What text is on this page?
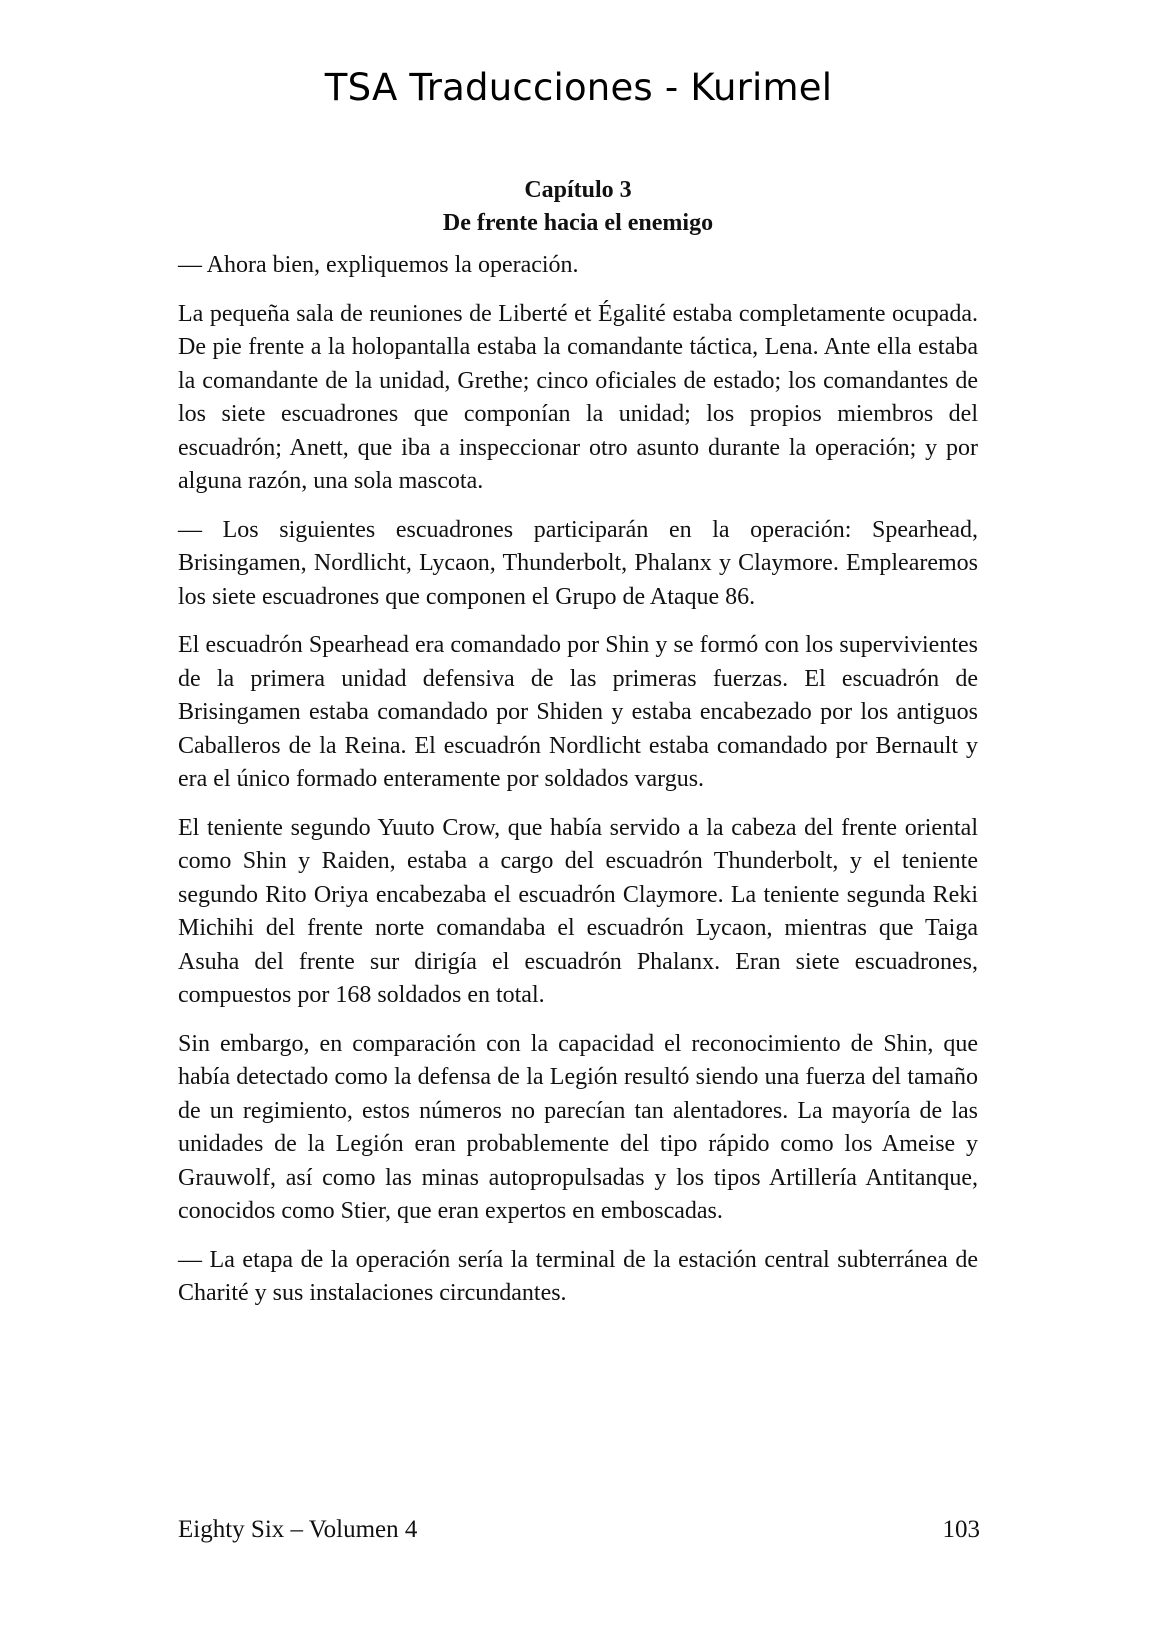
TSA Traducciones - Kurimel
Capítulo 3
De frente hacia el enemigo

— Ahora bien, expliquemos la operación.

La pequeña sala de reuniones de Liberté et Égalité estaba completamente ocupada. De pie frente a la holopantalla estaba la comandante táctica, Lena. Ante ella estaba la comandante de la unidad, Grethe; cinco oficiales de estado; los comandantes de los siete escuadrones que componían la unidad; los propios miembros del escuadrón; Anett, que iba a inspeccionar otro asunto durante la operación; y por alguna razón, una sola mascota.

— Los siguientes escuadrones participarán en la operación: Spearhead, Brisingamen, Nordlicht, Lycaon, Thunderbolt, Phalanx y Claymore. Emplearemos los siete escuadrones que componen el Grupo de Ataque 86.

El escuadrón Spearhead era comandado por Shin y se formó con los supervivientes de la primera unidad defensiva de las primeras fuerzas. El escuadrón de Brisingamen estaba comandado por Shiden y estaba encabezado por los antiguos Caballeros de la Reina. El escuadrón Nordlicht estaba comandado por Bernault y era el único formado enteramente por soldados vargus.

El teniente segundo Yuuto Crow, que había servido a la cabeza del frente oriental como Shin y Raiden, estaba a cargo del escuadrón Thunderbolt, y el teniente segundo Rito Oriya encabezaba el escuadrón Claymore. La teniente segunda Reki Michihi del frente norte comandaba el escuadrón Lycaon, mientras que Taiga Asuha del frente sur dirigía el escuadrón Phalanx. Eran siete escuadrones, compuestos por 168 soldados en total.

Sin embargo, en comparación con la capacidad el reconocimiento de Shin, que había detectado como la defensa de la Legión resultó siendo una fuerza del tamaño de un regimiento, estos números no parecían tan alentadores. La mayoría de las unidades de la Legión eran probablemente del tipo rápido como los Ameise y Grauwolf, así como las minas autopropulsadas y los tipos Artillería Antitanque, conocidos como Stier, que eran expertos en emboscadas.

— La etapa de la operación sería la terminal de la estación central subterránea de Charité y sus instalaciones circundantes.

Eighty Six – Volumen 4	103
